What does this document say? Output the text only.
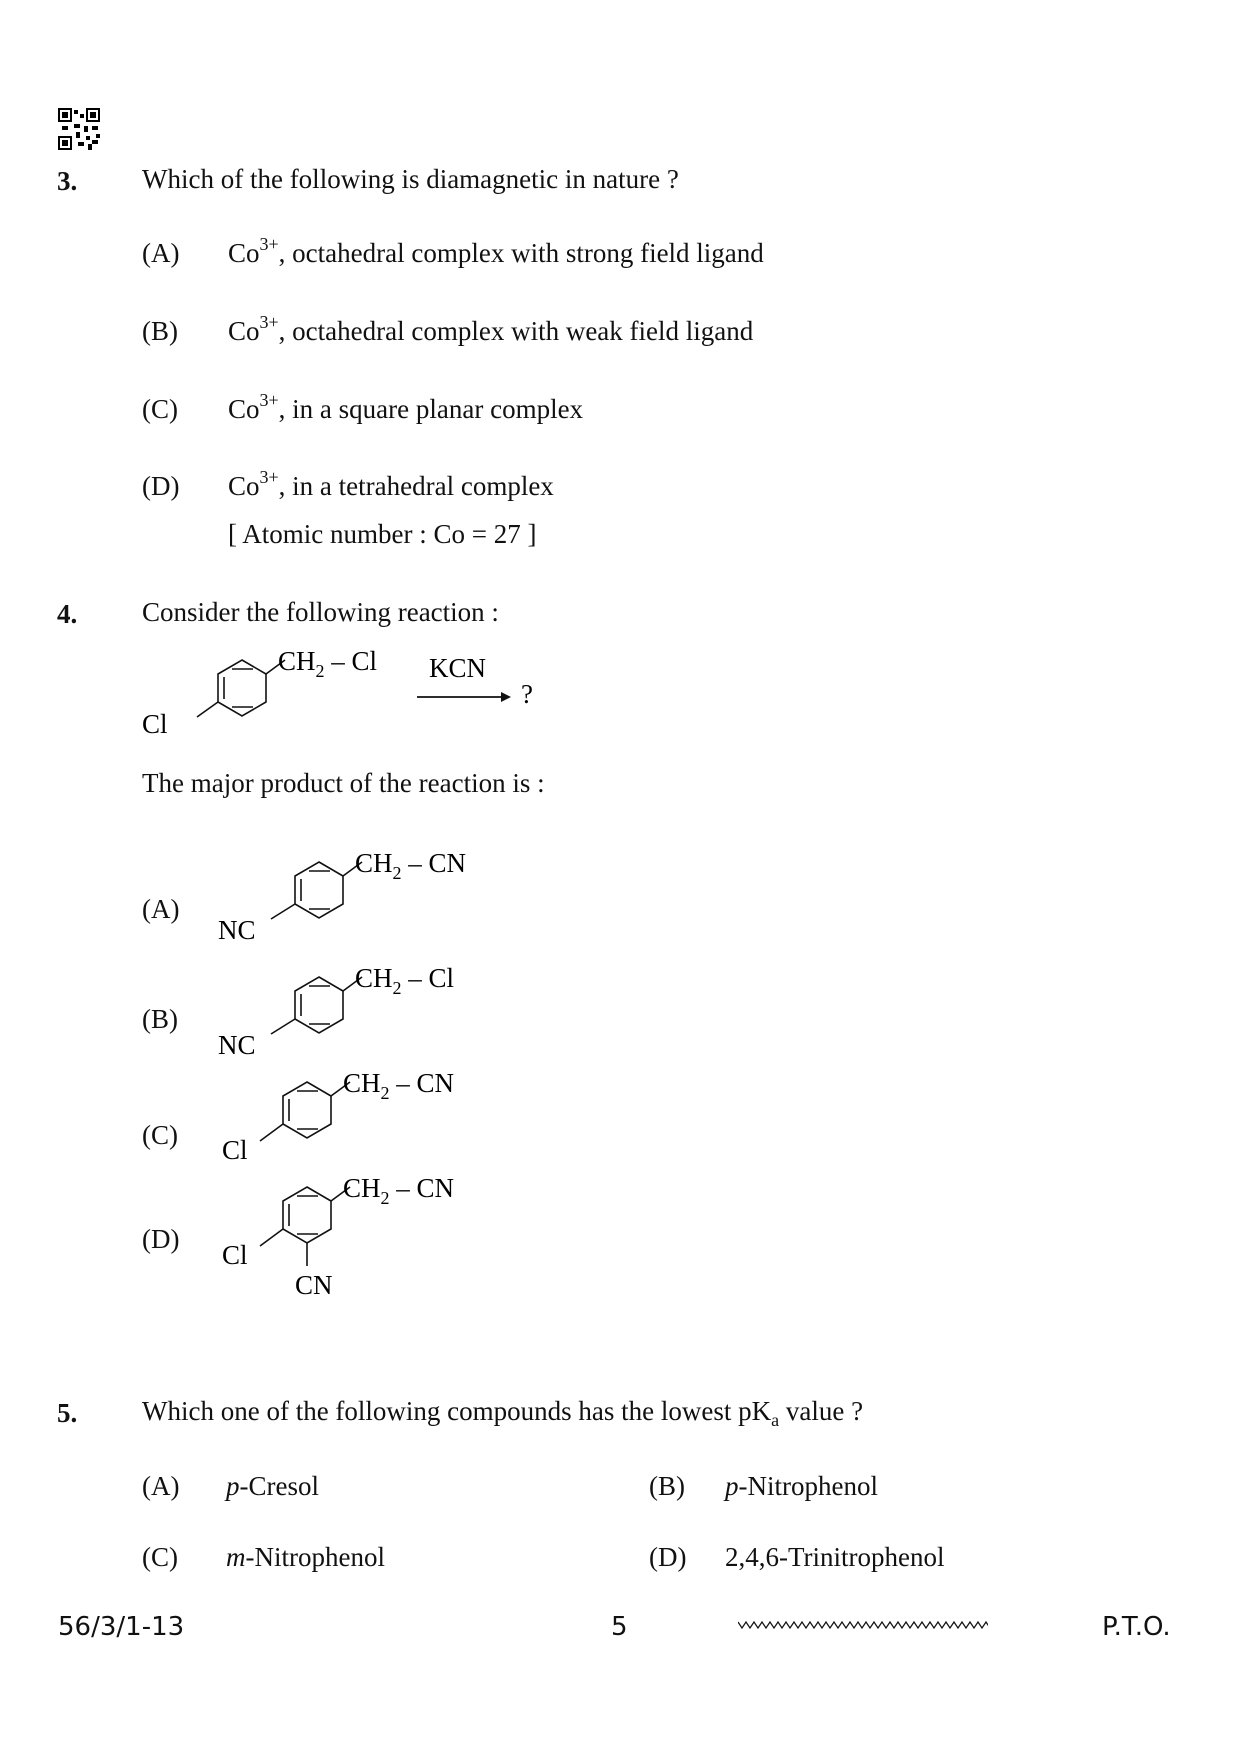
3. Which of the following is diamagnetic in nature ?
(A) $Co^{3+}$, octahedral complex with strong field ligand
(B) $Co^{3+}$, octahedral complex with weak field ligand
(C) $Co^{3+}$, in a square planar complex
(D) $Co^{3+}$, in a tetrahedral complex
[ Atomic number : Co = 27 ]
4. Consider the following reaction :
$CH_2$ – Cl
Cl
KCN
?
The major product of the reaction is :
(A)
$CH_2$ – CN
NC
(B)
$CH_2$ – Cl
NC
(C)
$CH_2$ – CN
Cl
(D)
$CH_2$ – CN
Cl
CN
5. Which one of the following compounds has the lowest $pK_a$ value ?
(A) p-Cresol	(B) p-Nitrophenol
(C) m-Nitrophenol	(D) 2,4,6-Trinitrophenol
56/3/1-13	5	P.T.O.
